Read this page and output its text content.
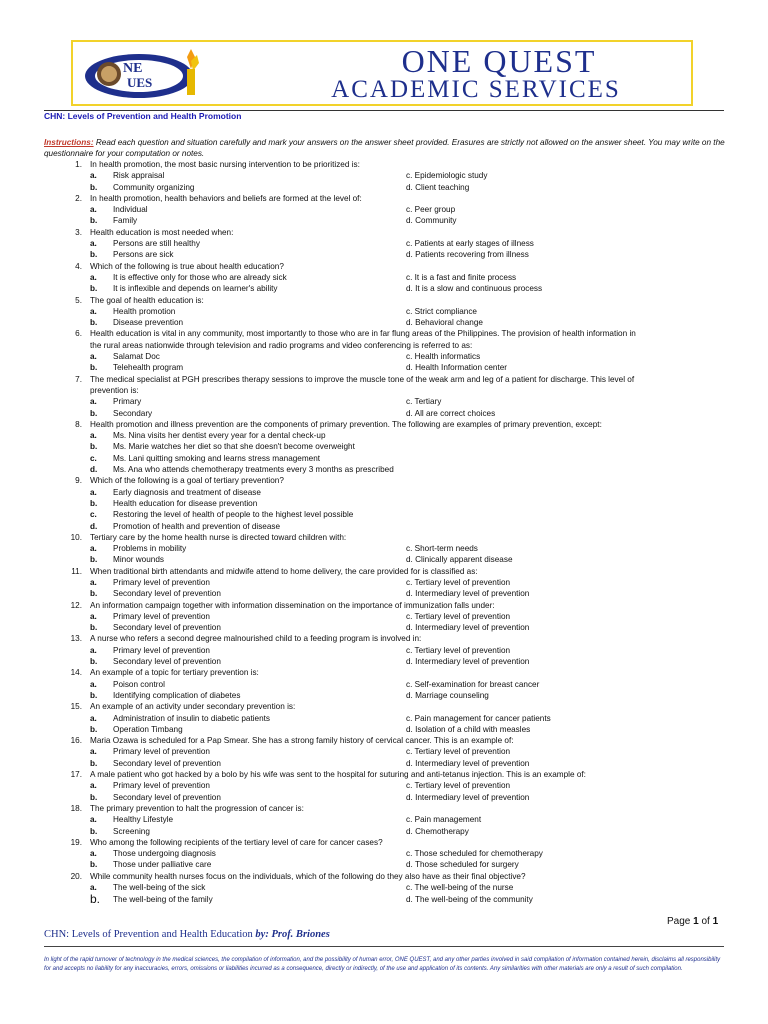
NE
UES
ONE QUEST
ACADEMIC SERVICES
CHN: Levels of Prevention and Health Promotion
Instructions: Read each question and situation carefully and mark your answers on the answer sheet provided. Erasures are strictly not allowed on the answer sheet. You may write on the questionnaire for your computation or notes.
1. In health promotion, the most basic nursing intervention to be prioritized is:
a. Risk appraisal	c. Epidemiologic study
b. Community organizing	d. Client teaching
2. In health promotion, health behaviors and beliefs are formed at the level of:
a. Individual	c. Peer group
b. Family	d. Community
3. Health education is most needed when:
a. Persons are still healthy	c. Patients at early stages of illness
b. Persons are sick	d. Patients recovering from illness
4. Which of the following is true about health education?
a. It is effective only for those who are already sick	c. It is a fast and finite process
b. It is inflexible and depends on learner's ability	d. It is a slow and continuous process
5. The goal of health education is:
a. Health promotion	c. Strict compliance
b. Disease prevention	d. Behavioral change
6. Health education is vital in any community, most importantly to those who are in far flung areas of the Philippines. The provision of health information in
the rural areas nationwide through television and radio programs and video conferencing is referred to as:
a. Salamat Doc	c. Health informatics
b. Telehealth program	d. Health Information center
7. The medical specialist at PGH prescribes therapy sessions to improve the muscle tone of the weak arm and leg of a patient for discharge. This level of
prevention is:
a. Primary	c. Tertiary
b. Secondary	d. All are correct choices
8. Health promotion and illness prevention are the components of primary prevention. The following are examples of primary prevention, except:
a. Ms. Nina visits her dentist every year for a dental check-up
b. Ms. Marie watches her diet so that she doesn't become overweight
c. Ms. Lani quitting smoking and learns stress management
d. Ms. Ana who attends chemotherapy treatments every 3 months as prescribed
9. Which of the following is a goal of tertiary prevention?
a. Early diagnosis and treatment of disease
b. Health education for disease prevention
c. Restoring the level of health of people to the highest level possible
d. Promotion of health and prevention of disease
10. Tertiary care by the home health nurse is directed toward children with:
a. Problems in mobility	c. Short-term needs
b. Minor wounds	d. Clinically apparent disease
11. When traditional birth attendants and midwife attend to home delivery, the care provided for is classified as:
a. Primary level of prevention	c. Tertiary level of prevention
b. Secondary level of prevention	d. Intermediary level of prevention
12. An information campaign together with information dissemination on the importance of immunization falls under:
a. Primary level of prevention	c. Tertiary level of prevention
b. Secondary level of prevention	d. Intermediary level of prevention
13. A nurse who refers a second degree malnourished child to a feeding program is involved in:
a. Primary level of prevention	c. Tertiary level of prevention
b. Secondary level of prevention	d. Intermediary level of prevention
14. An example of a topic for tertiary prevention is:
a. Poison control	c. Self-examination for breast cancer
b. Identifying complication of diabetes	d. Marriage counseling
15. An example of an activity under secondary prevention is:
a. Administration of insulin to diabetic patients	c. Pain management for cancer patients
b. Operation Timbang	d. Isolation of a child with measles
16. Maria Ozawa is scheduled for a Pap Smear. She has a strong family history of cervical cancer. This is an example of:
a. Primary level of prevention	c. Tertiary level of prevention
b. Secondary level of prevention	d. Intermediary level of prevention
17. A male patient who got hacked by a bolo by his wife was sent to the hospital for suturing and anti-tetanus injection. This is an example of:
a. Primary level of prevention	c. Tertiary level of prevention
b. Secondary level of prevention	d. Intermediary level of prevention
18. The primary prevention to halt the progression of cancer is:
a. Healthy Lifestyle	c. Pain management
b. Screening	d. Chemotherapy
19. Who among the following recipients of the tertiary level of care for cancer cases?
a. Those undergoing diagnosis	c. Those scheduled for chemotherapy
b. Those under palliative care	d. Those scheduled for surgery
20. While community health nurses focus on the individuals, which of the following do they also have as their final objective?
a. The well-being of the sick	c. The well-being of the nurse
b. The well-being of the family	d. The well-being of the community
Page 1 of 1
CHN: Levels of Prevention and Health Education by: Prof. Briones
In light of the rapid turnover of technology in the medical sciences, the compilation of information, and the possibility of human error, ONE QUEST, and any other parties involved in said compilation of information contained herein, disclaims all responsibility for and accepts no liability for any inaccuracies, errors, omissions or liabilities incurred as a consequence, directly or indirectly, of the use and application of its contents. Any similarities with other materials are only a result of such compilation.
